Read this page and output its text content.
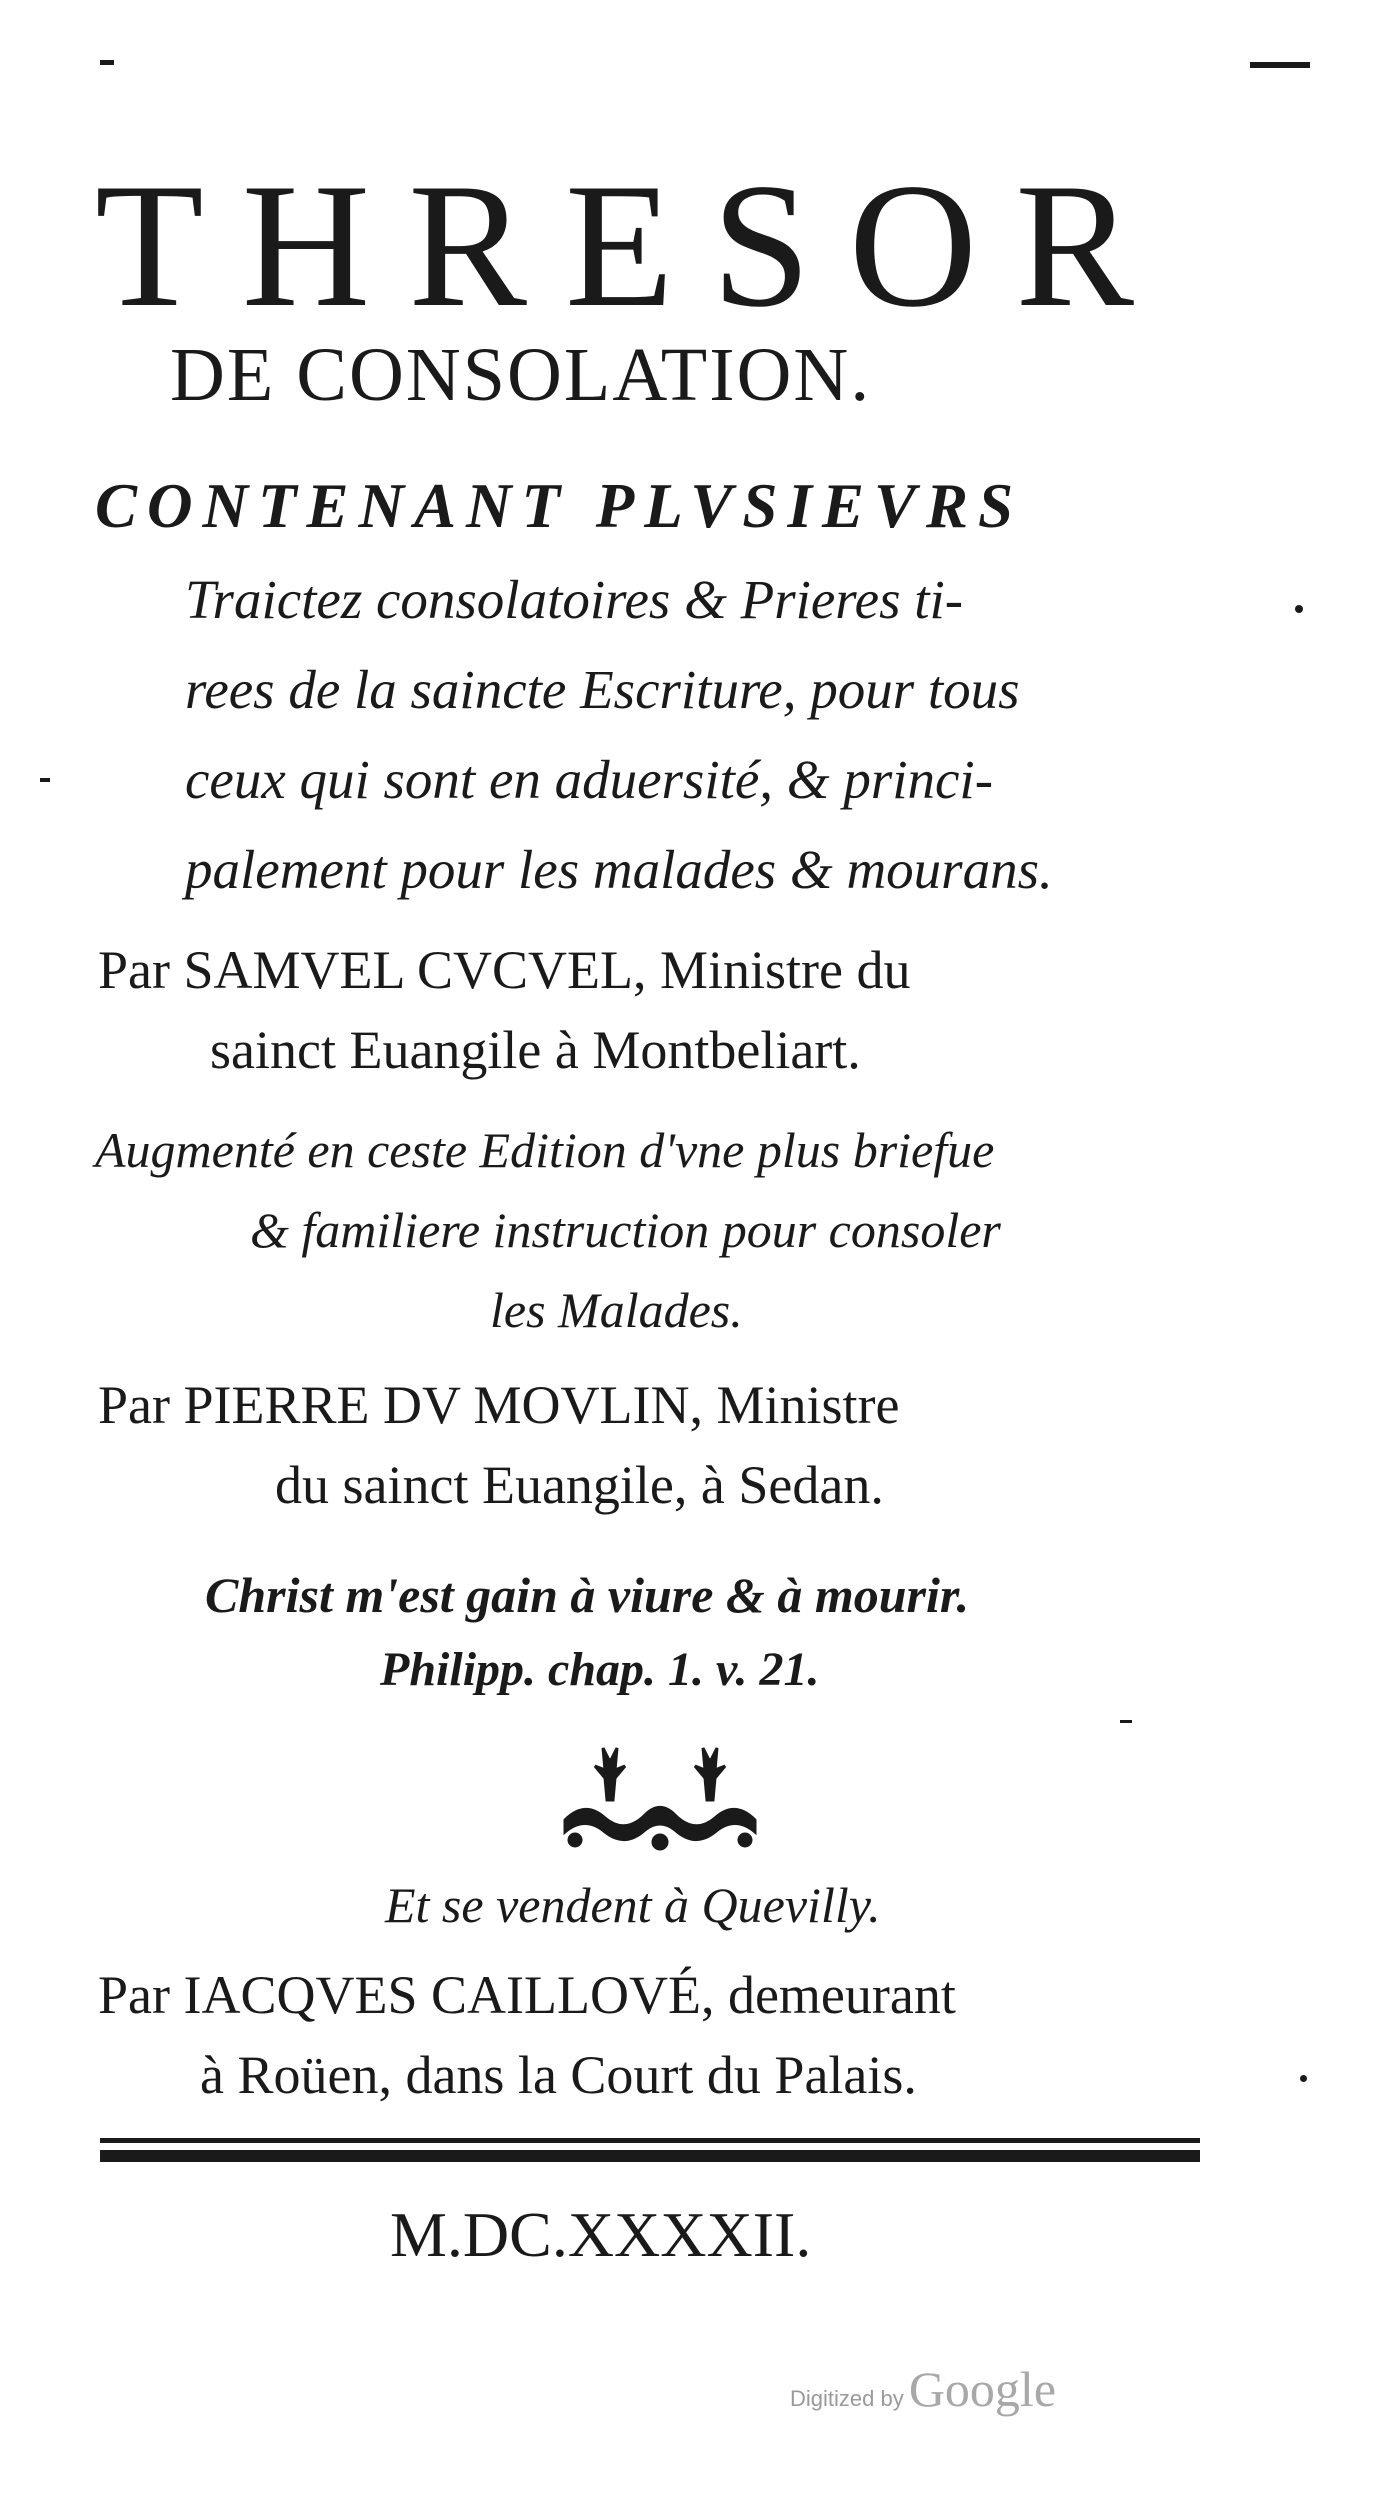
THRESOR
DE CONSOLATION.
CONTENANT PLVSIEVRS
Traictez consolatoires & Prieres ti-
rees de la saincte Escriture, pour tous
ceux qui sont en aduersité, & princi-
palement pour les malades & mourans.
Par SAMVEL CVCVEL, Ministre du
sainct Euangile à Montbeliart.
Augmenté en ceste Edition d'vne plus briefue
& familiere instruction pour consoler
les Malades.
Par PIERRE DV MOVLIN, Ministre
du sainct Euangile, à Sedan.
Christ m'est gain à viure & à mourir.
Philipp. chap. 1. v. 21.
Et se vendent à Quevilly.
Par IACQVES CAILLOVÉ, demeurant
à Roüen, dans la Court du Palais.
M.DC.XXXXII.
Digitized by Google
